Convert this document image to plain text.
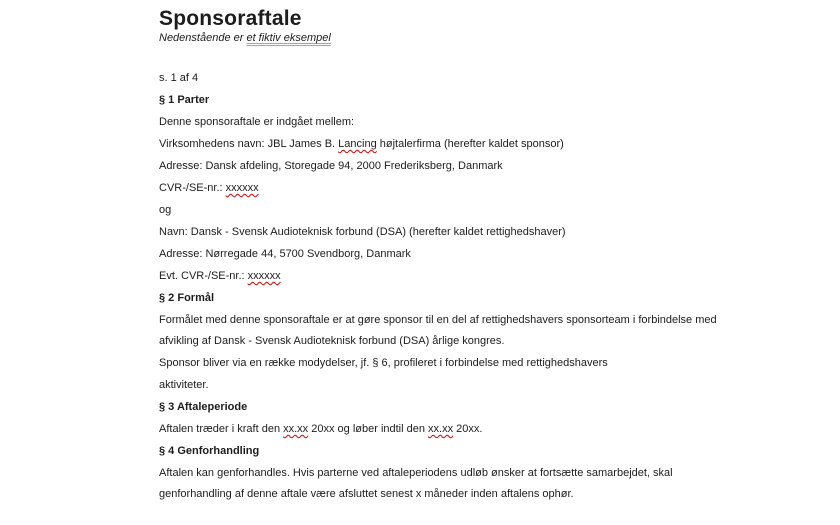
Sponsoraftale

Nedenstående er et fiktiv eksempel

s. 1 af 4
§ 1 Parter
Denne sponsoraftale er indgået mellem:
Virksomhedens navn: JBL James B. Lancing højtalerfirma (herefter kaldet sponsor)
Adresse: Dansk afdeling, Storegade 94, 2000 Frederiksberg, Danmark
CVR-/SE-nr.: xxxxxx
og
Navn: Dansk - Svensk Audioteknisk forbund (DSA) (herefter kaldet rettighedshaver)
Adresse: Nørregade 44, 5700 Svendborg, Danmark
Evt. CVR-/SE-nr.: xxxxxx
§ 2 Formål
Formålet med denne sponsoraftale er at gøre sponsor til en del af rettighedshavers sponsorteam i forbindelse med
afvikling af Dansk - Svensk Audioteknisk forbund (DSA) årlige kongres.
Sponsor bliver via en række modydelser, jf. § 6, profileret i forbindelse med rettighedshavers
aktiviteter.
§ 3 Aftaleperiode
Aftalen træder i kraft den xx.xx 20xx og løber indtil den xx.xx 20xx.
§ 4 Genforhandling
Aftalen kan genforhandles. Hvis parterne ved aftaleperiodens udløb ønsker at fortsætte samarbejdet, skal
genforhandling af denne aftale være afsluttet senest x måneder inden aftalens ophør.
